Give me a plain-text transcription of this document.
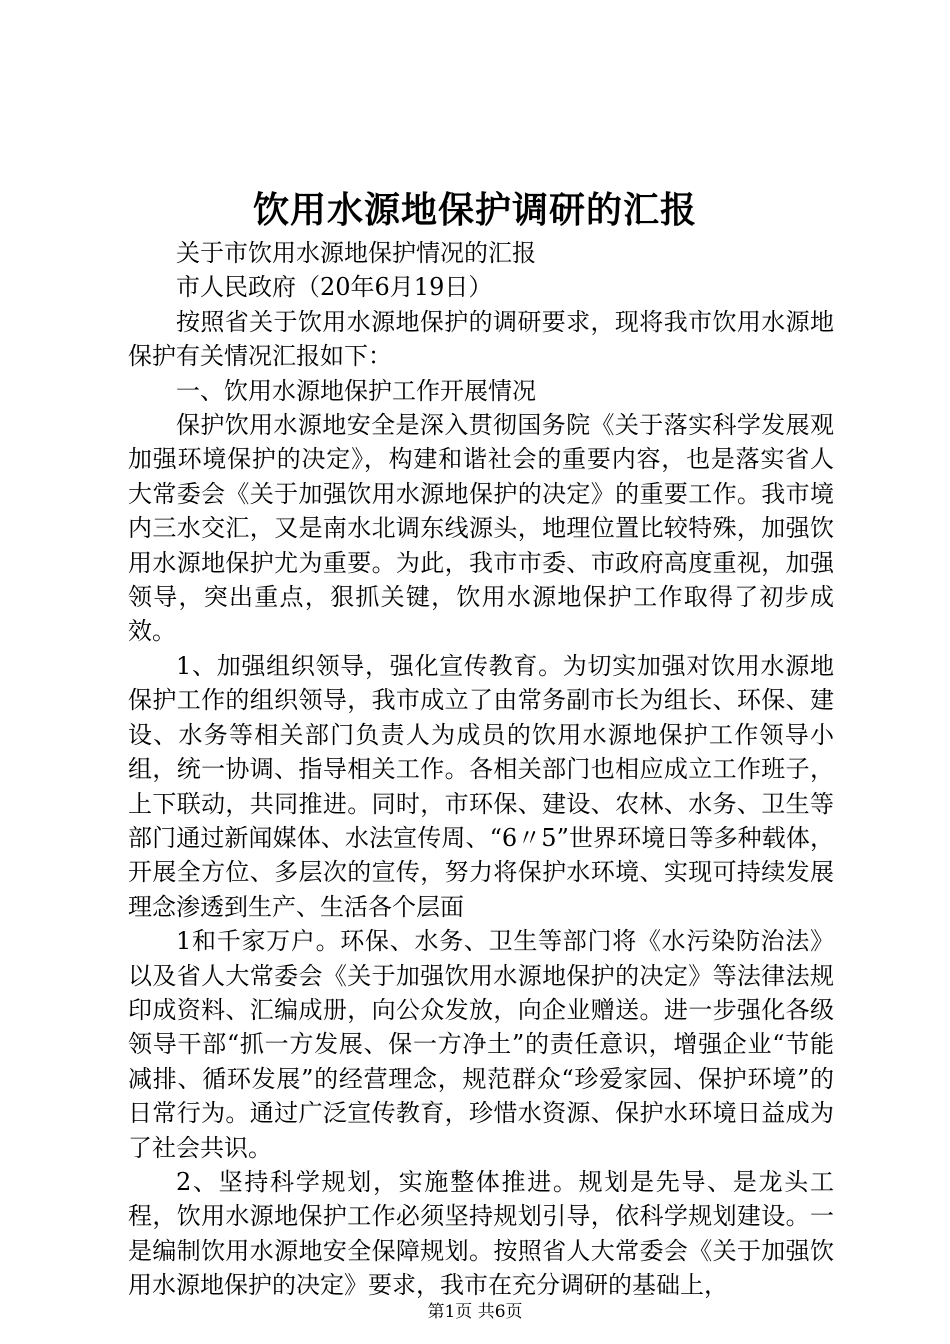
饮用水源地保护调研的汇报

关于市饮用水源地保护情况的汇报

市人民政府（20年6月19日）

按照省关于饮用水源地保护的调研要求，现将我市饮用水源地保护有关情况汇报如下：

一、饮用水源地保护工作开展情况

保护饮用水源地安全是深入贯彻国务院《关于落实科学发展观加强环境保护的决定》，构建和谐社会的重要内容，也是落实省人大常委会《关于加强饮用水源地保护的决定》的重要工作。我市境内三水交汇，又是南水北调东线源头，地理位置比较特殊，加强饮用水源地保护尤为重要。为此，我市市委、市政府高度重视，加强领导，突出重点，狠抓关键，饮用水源地保护工作取得了初步成效。

1、加强组织领导，强化宣传教育。为切实加强对饮用水源地保护工作的组织领导，我市成立了由常务副市长为组长、环保、建设、水务等相关部门负责人为成员的饮用水源地保护工作领导小组，统一协调、指导相关工作。各相关部门也相应成立工作班子，上下联动，共同推进。同时，市环保、建设、农林、水务、卫生等部门通过新闻媒体、水法宣传周、“6〃5”世界环境日等多种载体，开展全方位、多层次的宣传，努力将保护水环境、实现可持续发展理念渗透到生产、生活各个层面

1和千家万户。环保、水务、卫生等部门将《水污染防治法》以及省人大常委会《关于加强饮用水源地保护的决定》等法律法规印成资料、汇编成册，向公众发放，向企业赠送。进一步强化各级领导干部“抓一方发展、保一方净土”的责任意识，增强企业“节能减排、循环发展”的经营理念，规范群众“珍爱家园、保护环境”的日常行为。通过广泛宣传教育，珍惜水资源、保护水环境日益成为了社会共识。

2、坚持科学规划，实施整体推进。规划是先导、是龙头工程，饮用水源地保护工作必须坚持规划引导，依科学规划建设。一是编制饮用水源地安全保障规划。按照省人大常委会《关于加强饮用水源地保护的决定》要求，我市在充分调研的基础上，

第1页 共6页
